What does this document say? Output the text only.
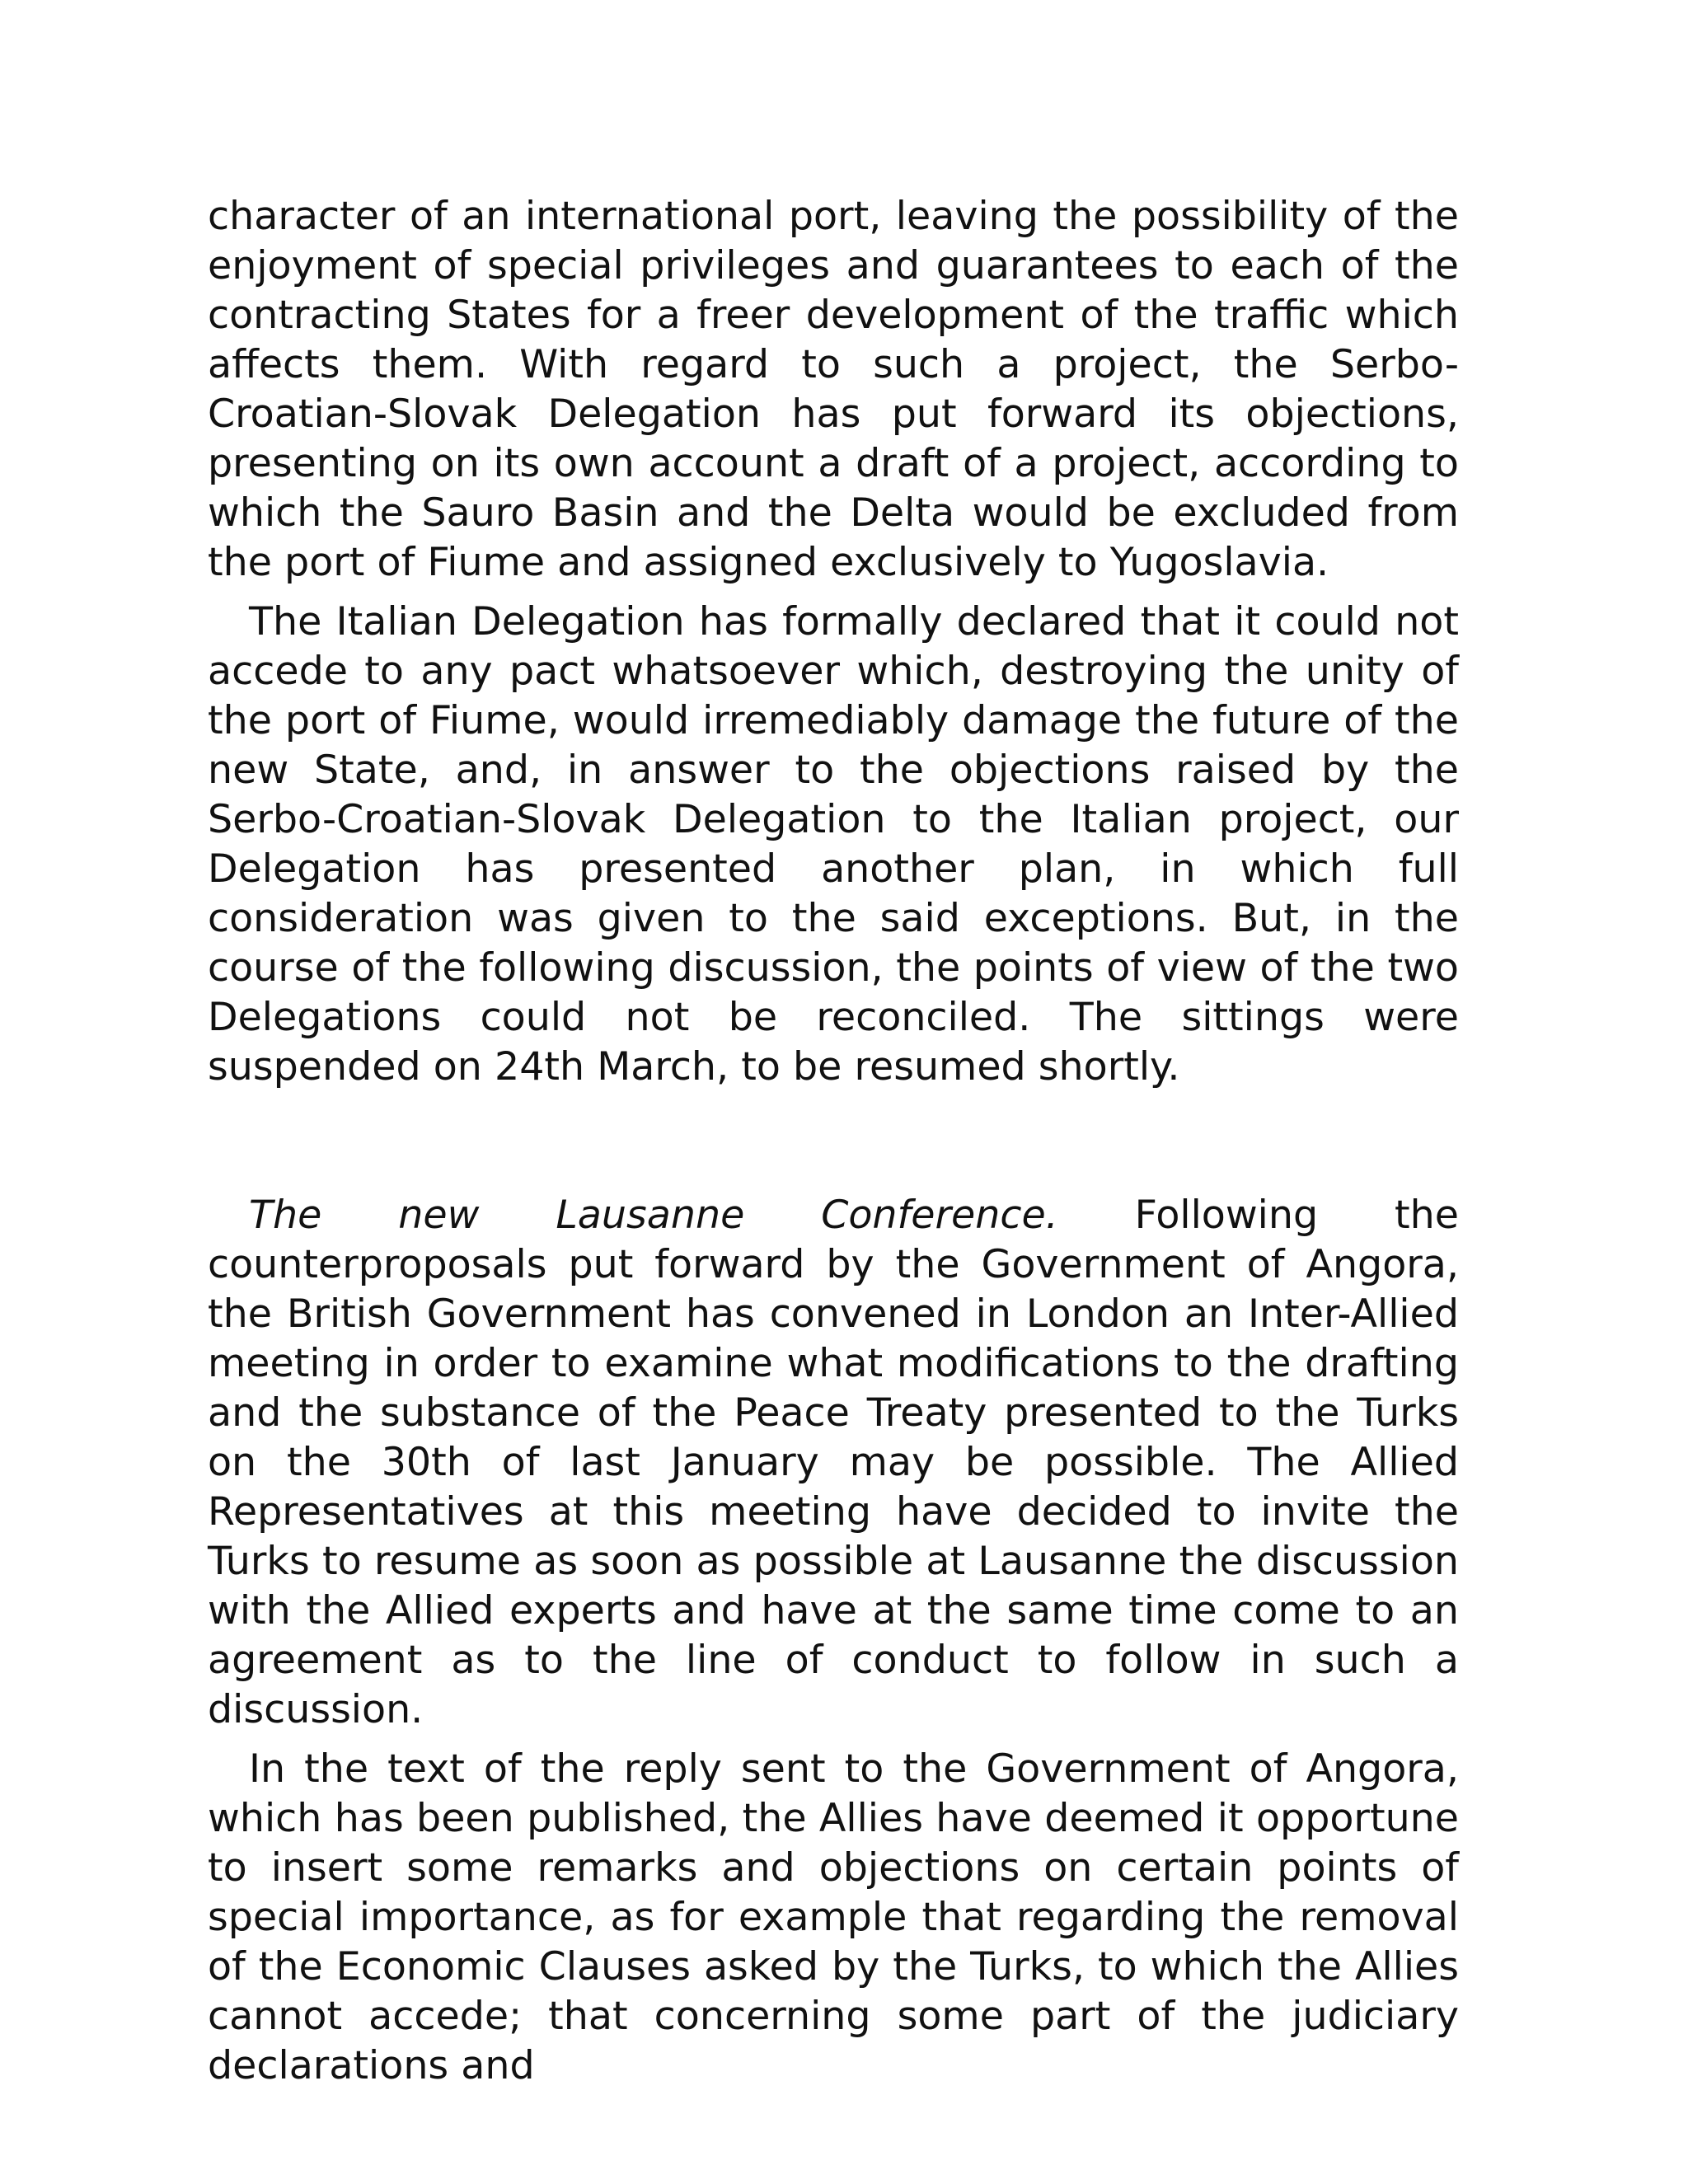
character of an international port, leaving the possibility of the enjoyment of special privileges and guarantees to each of the contracting States for a freer development of the traffic which affects them. With regard to such a project, the Serbo-Croatian-Slovak Delegation has put forward its objections, presenting on its own account a draft of a project, according to which the Sauro Basin and the Delta would be excluded from the port of Fiume and assigned exclusively to Yugoslavia.

The Italian Delegation has formally declared that it could not accede to any pact whatsoever which, destroying the unity of the port of Fiume, would irremediably damage the future of the new State, and, in answer to the objections raised by the Serbo-Croatian-Slovak Delegation to the Italian project, our Delegation has presented another plan, in which full consideration was given to the said exceptions. But, in the course of the following discussion, the points of view of the two Delegations could not be reconciled. The sittings were suspended on 24th March, to be resumed shortly.

The new Lausanne Conference. Following the counterproposals put forward by the Government of Angora, the British Government has convened in London an Inter-Allied meeting in order to examine what modifications to the drafting and the substance of the Peace Treaty presented to the Turks on the 30th of last January may be possible. The Allied Representatives at this meeting have decided to invite the Turks to resume as soon as possible at Lausanne the discussion with the Allied experts and have at the same time come to an agreement as to the line of conduct to follow in such a discussion.

In the text of the reply sent to the Government of Angora, which has been published, the Allies have deemed it opportune to insert some remarks and objections on certain points of special importance, as for example that regarding the removal of the Economic Clauses asked by the Turks, to which the Allies cannot accede; that concerning some part of the judiciary declarations and
